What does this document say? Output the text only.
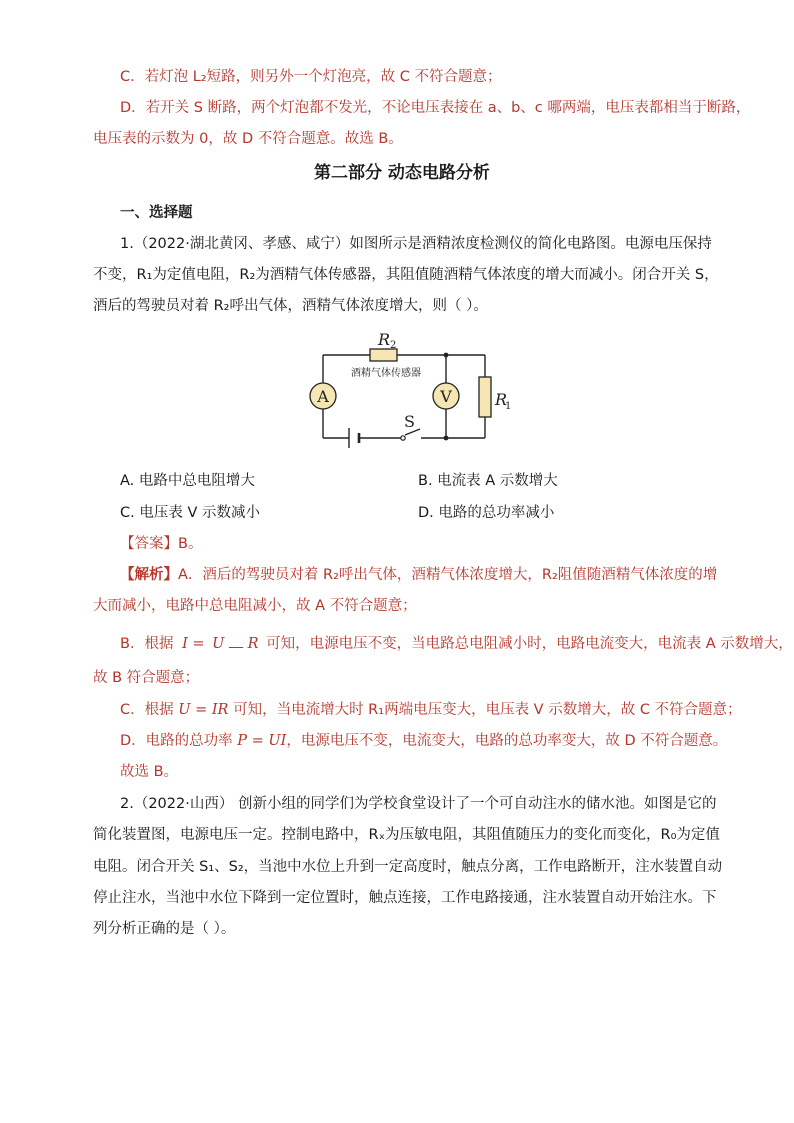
C．若灯泡 L₂短路，则另外一个灯泡亮，故 C 不符合题意；
D．若开关 S 断路，两个灯泡都不发光，不论电压表接在 a、b、c 哪两端，电压表都相当于断路，
电压表的示数为 0，故 D 不符合题意。故选 B。
第二部分 动态电路分析
一、选择题
1.（2022·湖北黄冈、孝感、咸宁）如图所示是酒精浓度检测仪的简化电路图。电源电压保持
不变，R₁为定值电阻，R₂为酒精气体传感器，其阻值随酒精气体浓度的增大而减小。闭合开关 S，
酒后的驾驶员对着 R₂呼出气体，酒精气体浓度增大，则（ ）。
A	V
R 2
酒精气体传感器
R
1
S
A. 电路中总电阻增大	B. 电流表 A 示数增大
C. 电压表 V 示数减小	D. 电路的总功率减小
【答案】B。
【解析】A．酒后的驾驶员对着 R₂呼出气体，酒精气体浓度增大，R₂阻值随酒精气体浓度的增
大而减小，电路中总电阻减小，故 A 不符合题意；
B．根据 I = U R 可知，电源电压不变，当电路总电阻减小时，电路电流变大，电流表 A 示数增大，
故 B 符合题意；
C．根据 U = IR 可知，当电流增大时 R₁两端电压变大，电压表 V 示数增大，故 C 不符合题意；
D．电路的总功率 P = UI，电源电压不变，电流变大，电路的总功率变大，故 D 不符合题意。
故选 B。
2.（2022·山西） 创新小组的同学们为学校食堂设计了一个可自动注水的储水池。如图是它的
简化装置图，电源电压一定。控制电路中，Rₓ为压敏电阻，其阻值随压力的变化而变化，R₀为定值
电阻。闭合开关 S₁、S₂，当池中水位上升到一定高度时，触点分离，工作电路断开，注水装置自动
停止注水，当池中水位下降到一定位置时，触点连接，工作电路接通，注水装置自动开始注水。下
列分析正确的是（ ）。
